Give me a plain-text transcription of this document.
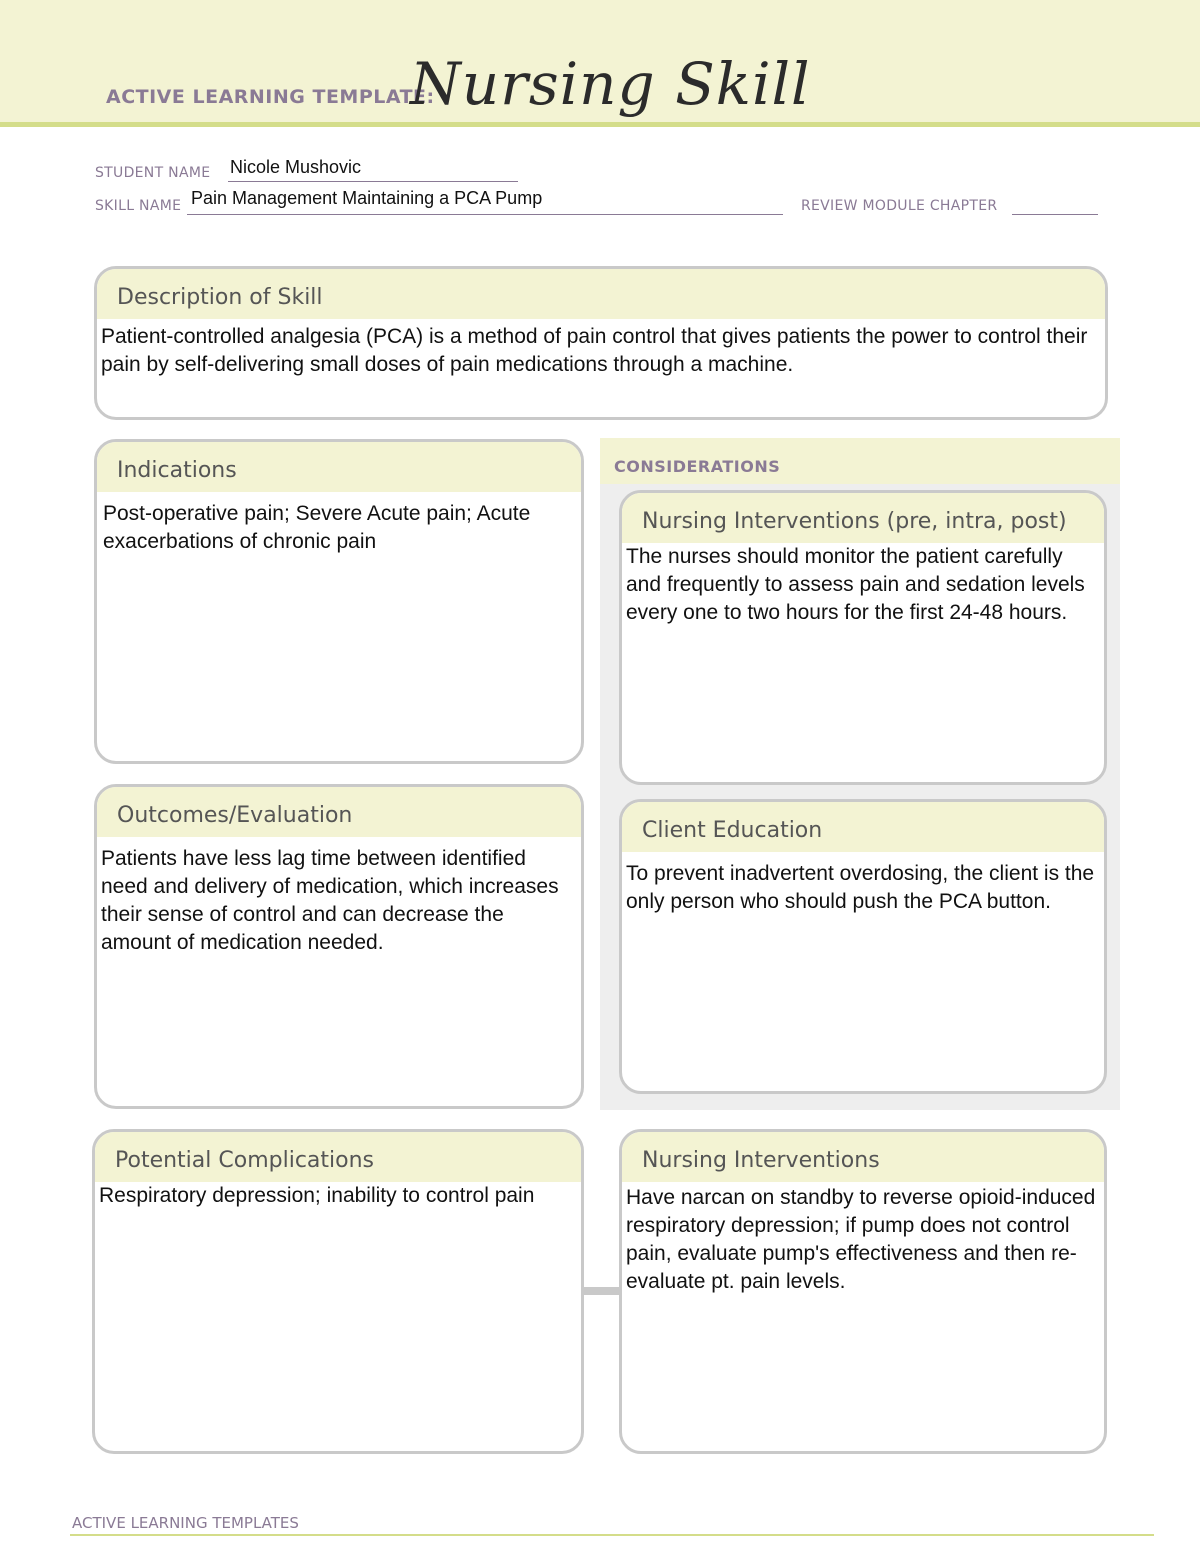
ACTIVE LEARNING TEMPLATE:
Nursing Skill
STUDENT NAME Nicole Mushovic
SKILL NAME Pain Management Maintaining a PCA Pump	REVIEW MODULE CHAPTER
Description of Skill
Patient-controlled analgesia (PCA) is a method of pain control that gives patients the power to control their pain by self-delivering small doses of pain medications through a machine.
Indications
Post-operative pain; Severe Acute pain; Acute exacerbations of chronic pain
CONSIDERATIONS
Nursing Interventions (pre, intra, post)
The nurses should monitor the patient carefully and frequently to assess pain and sedation levels every one to two hours for the first 24-48 hours.
Outcomes/Evaluation
Patients have less lag time between identified need and delivery of medication, which increases their sense of control and can decrease the amount of medication needed.
Client Education
To prevent inadvertent overdosing, the client is the only person who should push the PCA button.
Potential Complications
Respiratory depression; inability to control pain
Nursing Interventions
Have narcan on standby to reverse opioid-induced respiratory depression; if pump does not control pain, evaluate pump's effectiveness and then re-evaluate pt. pain levels.
ACTIVE LEARNING TEMPLATES
